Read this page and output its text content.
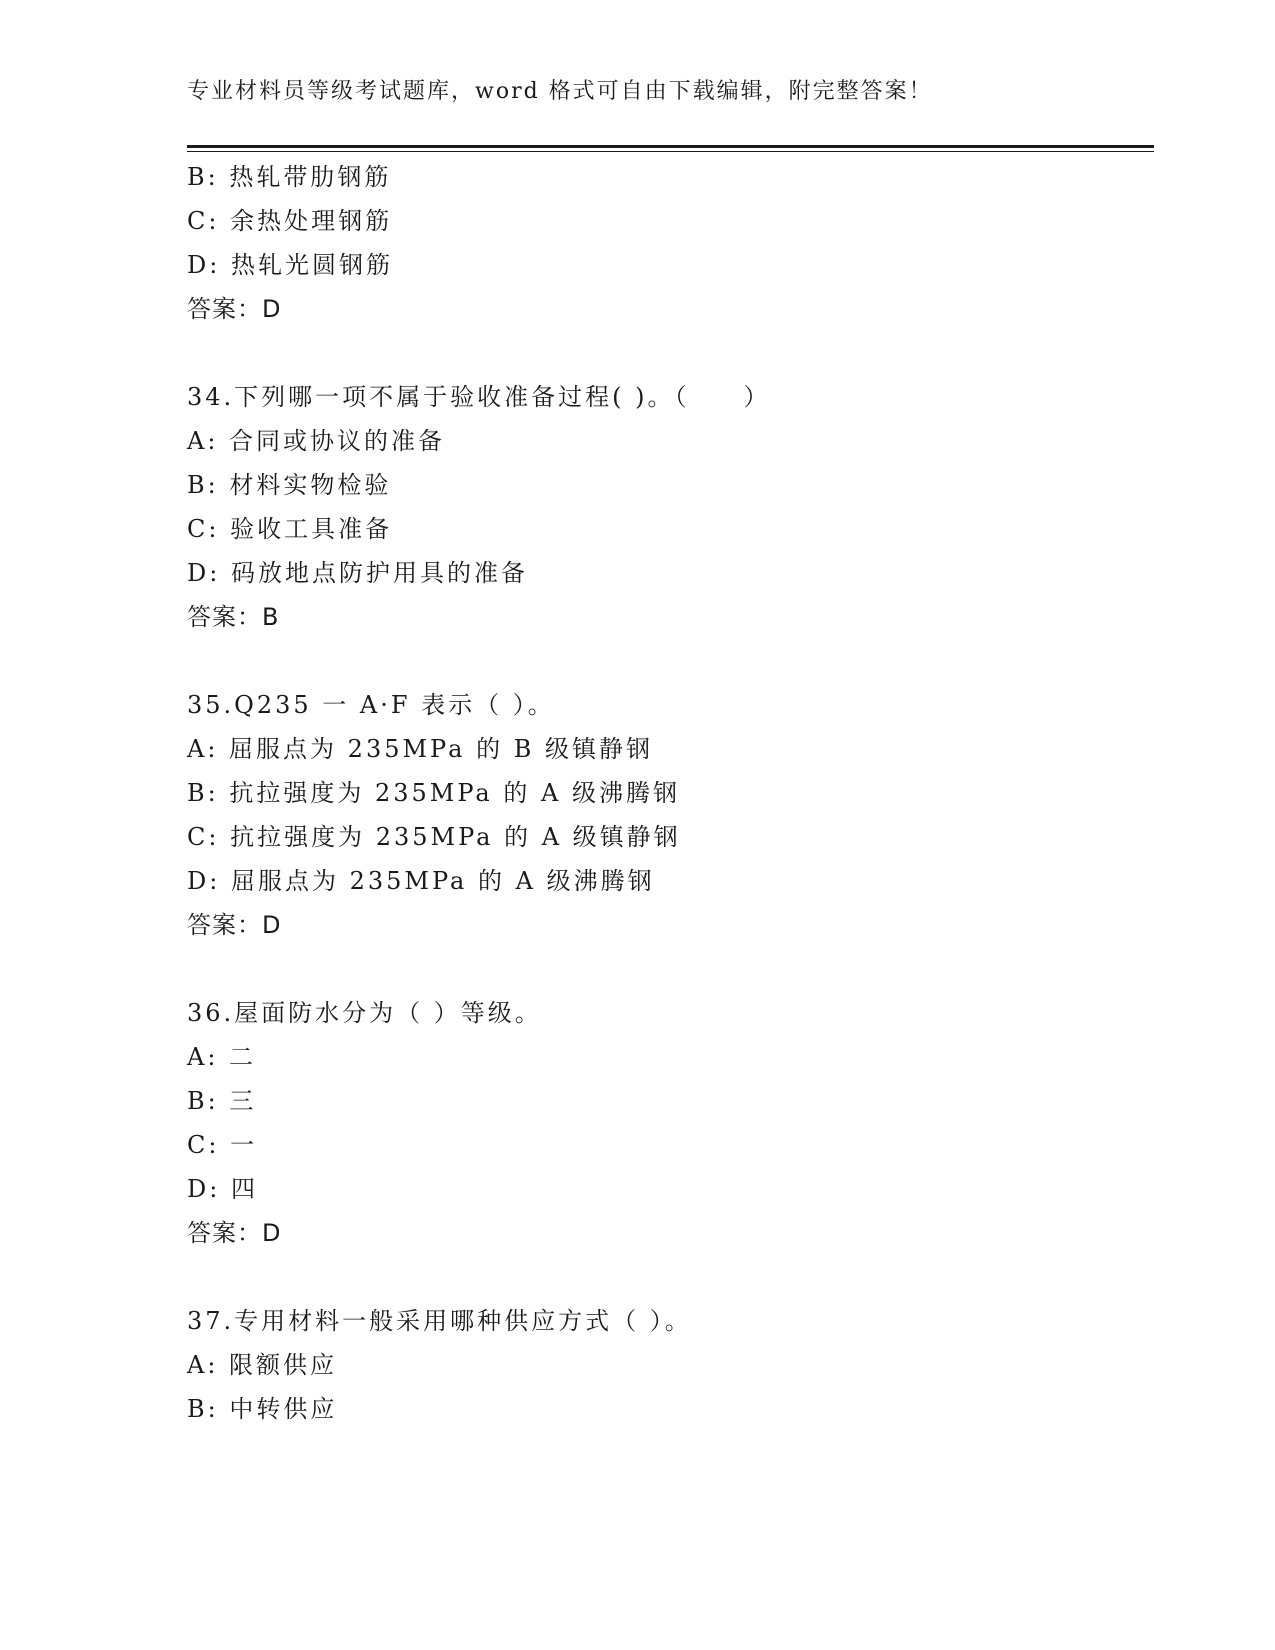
专业材料员等级考试题库，word 格式可自由下载编辑，附完整答案！
B: 热轧带肋钢筋
C: 余热处理钢筋
D: 热轧光圆钢筋
答案：D
34.下列哪一项不属于验收准备过程( )。（　　）
A: 合同或协议的准备
B: 材料实物检验
C: 验收工具准备
D: 码放地点防护用具的准备
答案：B
35.Q235 一 A·F 表示（ ）。
A: 屈服点为 235MPa 的 B 级镇静钢
B: 抗拉强度为 235MPa 的 A 级沸腾钢
C: 抗拉强度为 235MPa 的 A 级镇静钢
D: 屈服点为 235MPa 的 A 级沸腾钢
答案：D
36.屋面防水分为（ ）等级。
A: 二
B: 三
C: 一
D: 四
答案：D
37.专用材料一般采用哪种供应方式（ ）。
A: 限额供应
B: 中转供应
